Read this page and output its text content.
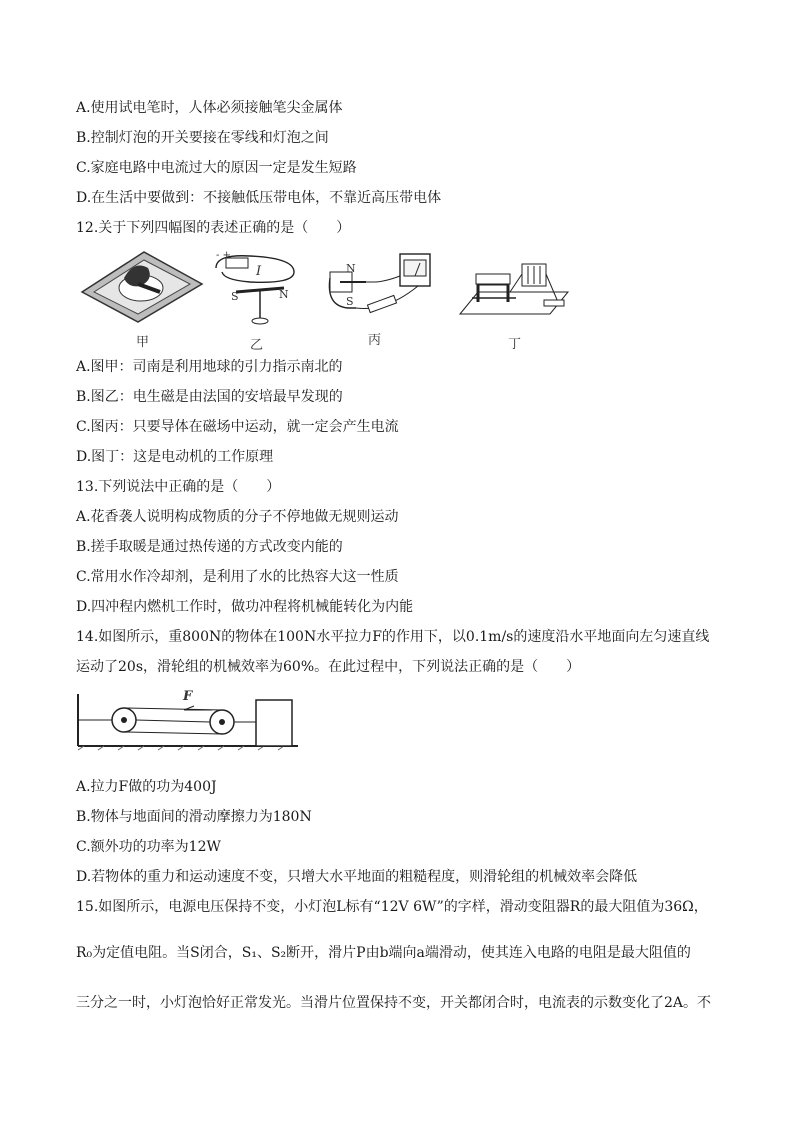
A.使用试电笔时，人体必须接触笔尖金属体
B.控制灯泡的开关要接在零线和灯泡之间
C.家庭电路中电流过大的原因一定是发生短路
D.在生活中要做到：不接触低压带电体，不靠近高压带电体
12.关于下列四幅图的表述正确的是（　　）
甲
- +
I
S	N
乙
N
S
丙	丁
A.图甲：司南是利用地球的引力指示南北的
B.图乙：电生磁是由法国的安培最早发现的
C.图丙：只要导体在磁场中运动，就一定会产生电流
D.图丁：这是电动机的工作原理
13.下列说法中正确的是（　　）
A.花香袭人说明构成物质的分子不停地做无规则运动
B.搓手取暖是通过热传递的方式改变内能的
C.常用水作冷却剂，是利用了水的比热容大这一性质
D.四冲程内燃机工作时，做功冲程将机械能转化为内能
14.如图所示，重800N的物体在100N水平拉力F的作用下，以0.1m/s的速度沿水平地面向左匀速直线
运动了20s，滑轮组的机械效率为60%。在此过程中，下列说法正确的是（　　）
F
A.拉力F做的功为400J
B.物体与地面间的滑动摩擦力为180N
C.额外功的功率为12W
D.若物体的重力和运动速度不变，只增大水平地面的粗糙程度，则滑轮组的机械效率会降低
15.如图所示，电源电压保持不变，小灯泡L标有“12V 6W”的字样，滑动变阻器R的最大阻值为36Ω，
R₀为定值电阻。当S闭合，S₁、S₂断开，滑片P由b端向a端滑动，使其连入电路的电阻是最大阻值的
三分之一时，小灯泡恰好正常发光。当滑片位置保持不变，开关都闭合时，电流表的示数变化了2A。不
